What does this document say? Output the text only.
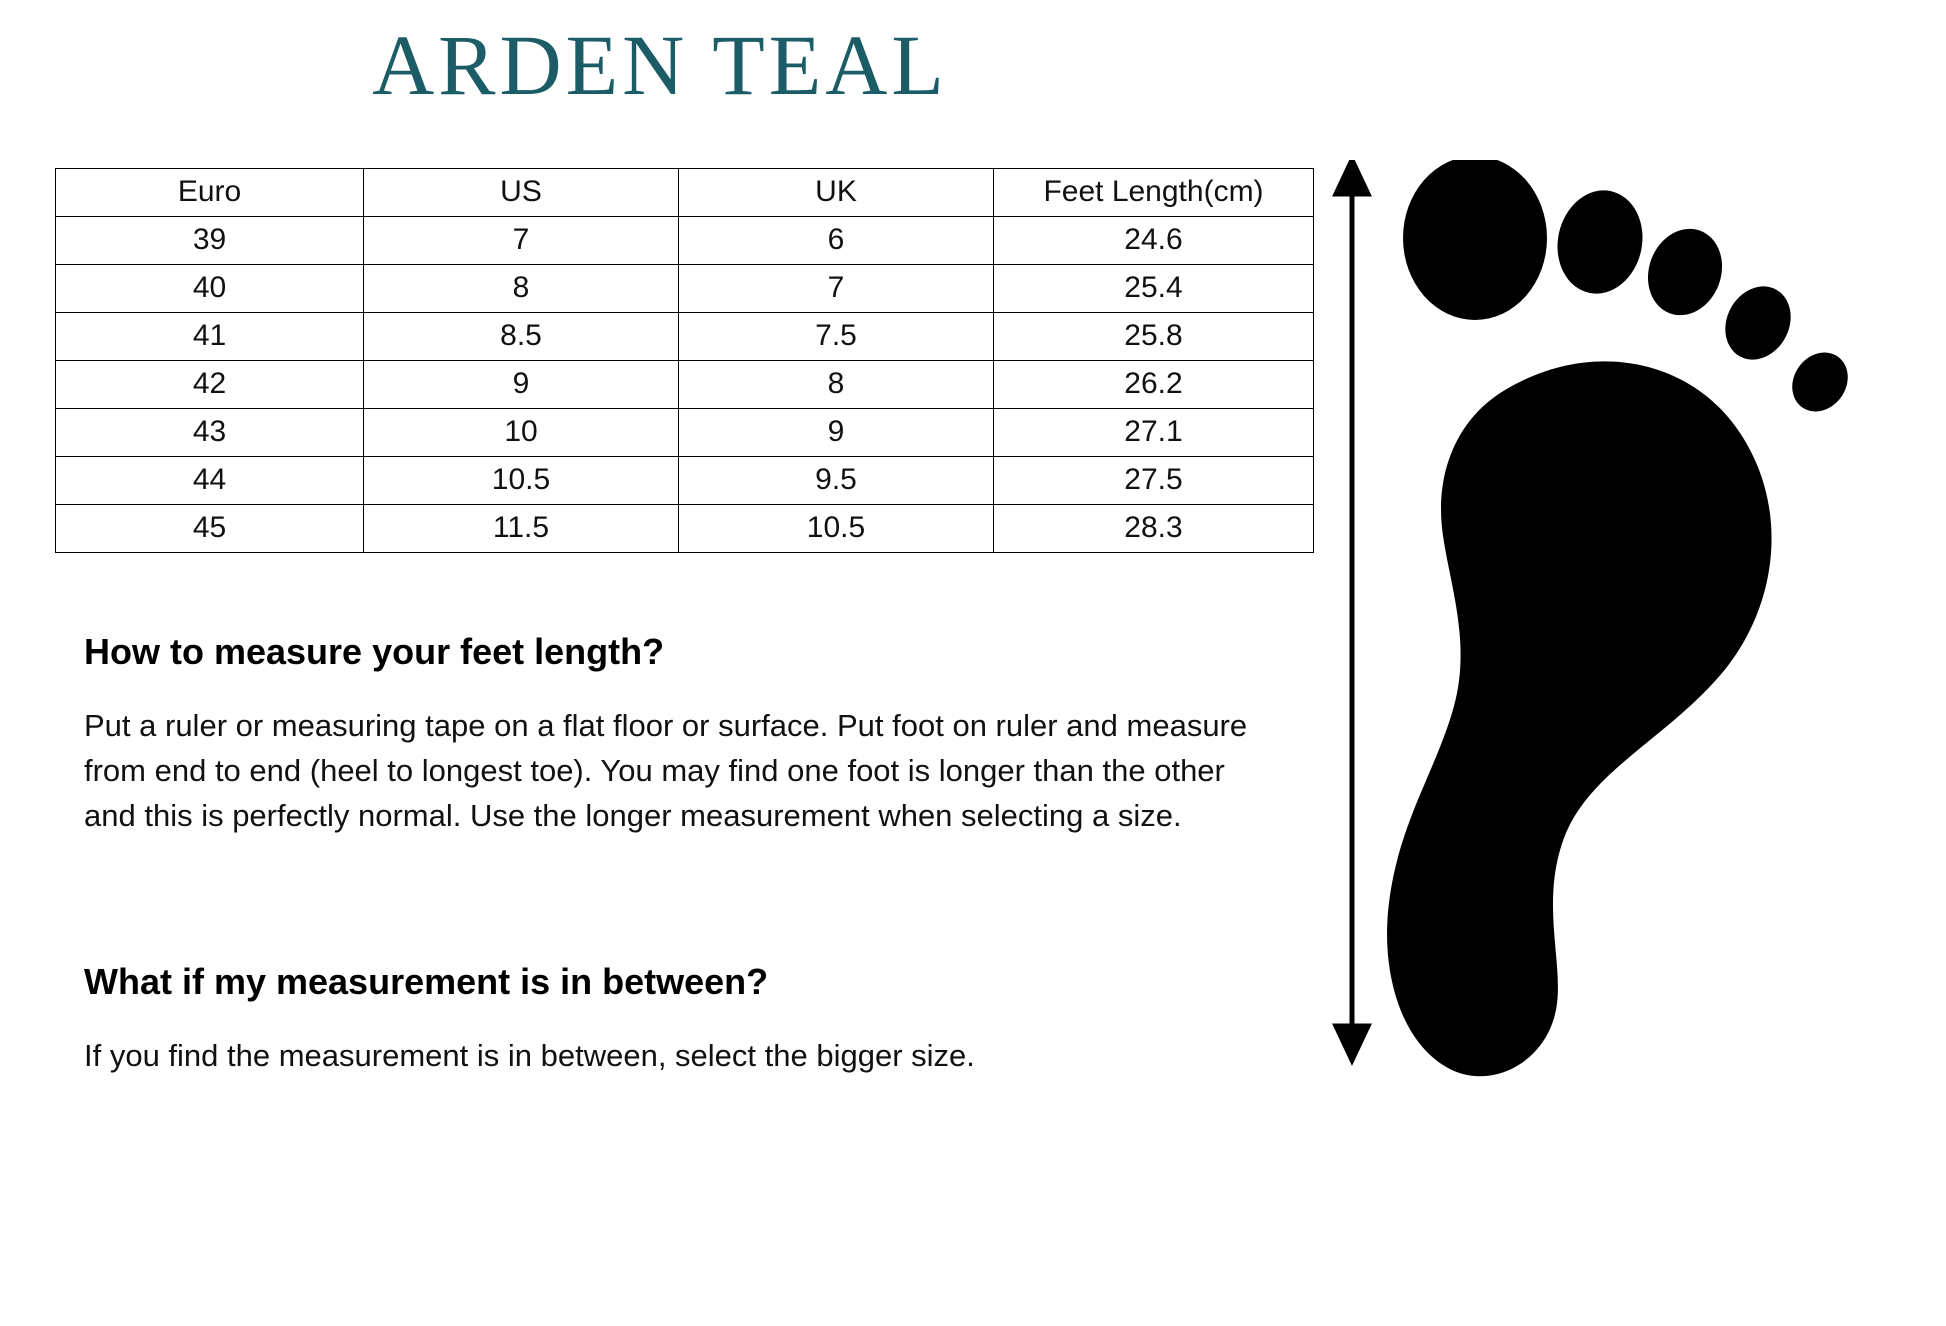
ARDEN TEAL
Euro	US	UK	Feet Length(cm)
39	7	6	24.6
40	8	7	25.4
41	8.5	7.5	25.8
42	9	8	26.2
43	10	9	27.1
44	10.5	9.5	27.5
45	11.5	10.5	28.3
How to measure your feet length?

Put a ruler or measuring tape on a flat floor or surface. Put foot on ruler and measure from end to end (heel to longest toe). You may find one foot is longer than the other and this is perfectly normal. Use the longer measurement when selecting a size.

What if my measurement is in between?

If you find the measurement is in between, select the bigger size.
